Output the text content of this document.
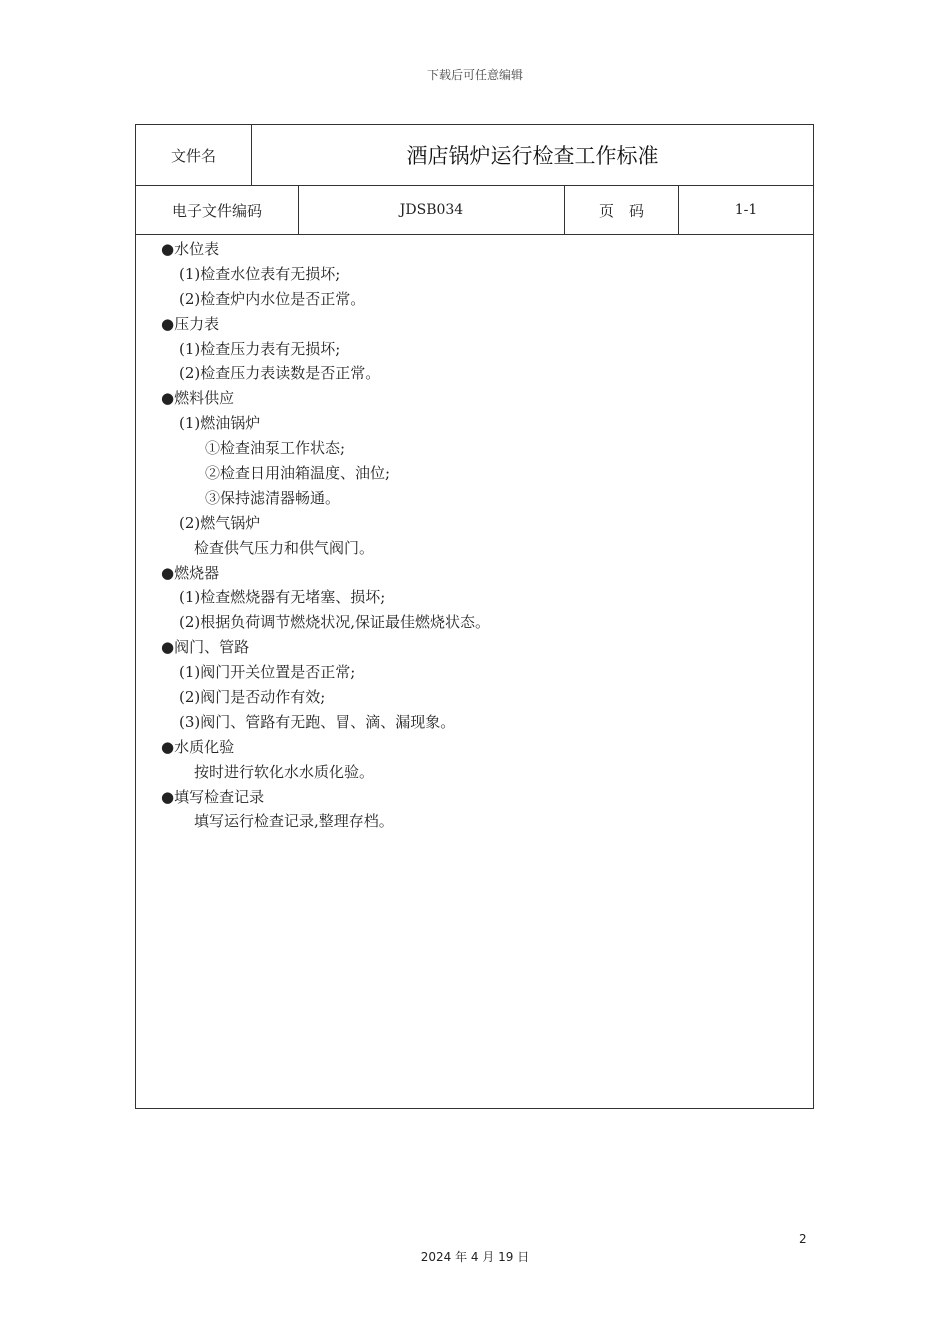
下载后可任意编辑
文件名	酒店锅炉运行检查工作标准
电子文件编码	JDSB034	页　码	1-1
●水位表
(1)检查水位表有无损坏;
(2)检查炉内水位是否正常。
●压力表
(1)检查压力表有无损坏;
(2)检查压力表读数是否正常。
●燃料供应
(1)燃油锅炉
①检查油泵工作状态;
②检查日用油箱温度、油位;
③保持滤清器畅通。
(2)燃气锅炉
检查供气压力和供气阀门。
●燃烧器
(1)检查燃烧器有无堵塞、损坏;
(2)根据负荷调节燃烧状况,保证最佳燃烧状态。
●阀门、管路
(1)阀门开关位置是否正常;
(2)阀门是否动作有效;
(3)阀门、管路有无跑、冒、滴、漏现象。
●水质化验
按时进行软化水水质化验。
●填写检查记录
填写运行检查记录,整理存档。
2
2024 年 4 月 19 日
